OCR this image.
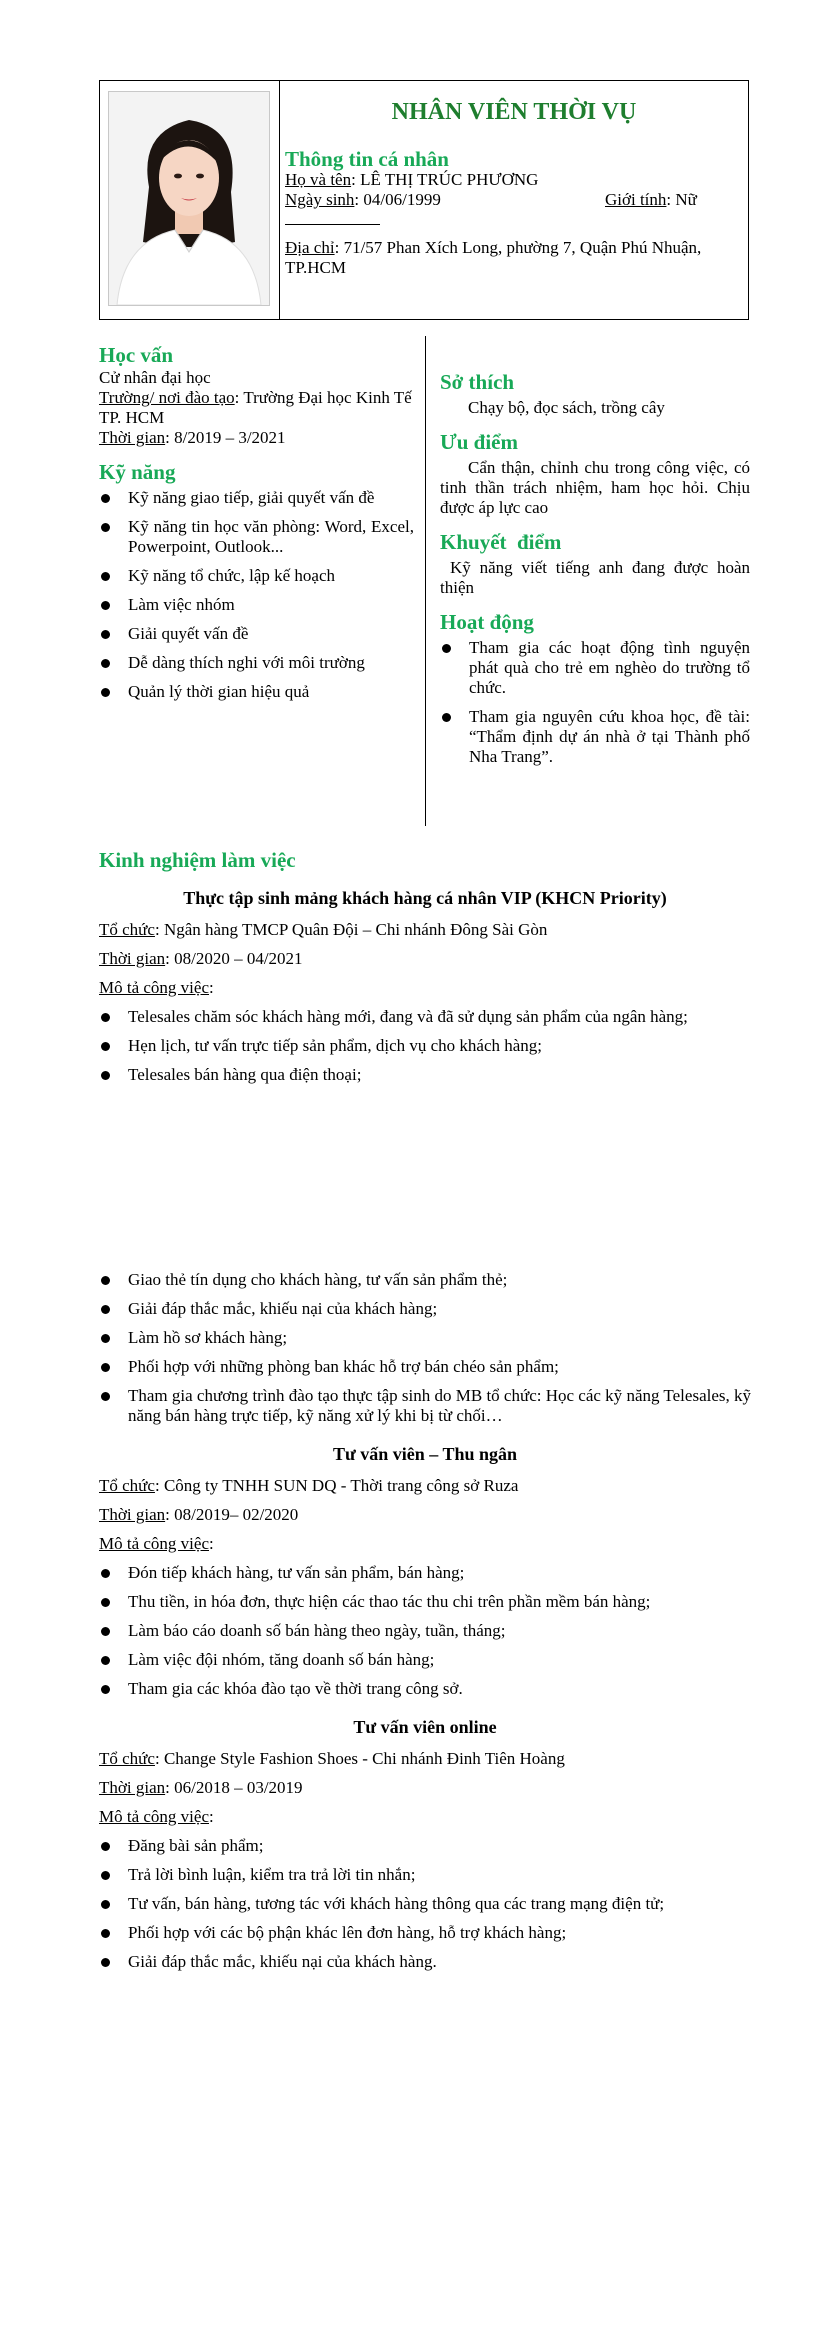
NHÂN VIÊN THỜI VỤ
Thông tin cá nhân
Họ và tên: LÊ THỊ TRÚC PHƯƠNG
Ngày sinh: 04/06/1999	Giới tính: Nữ
Địa chỉ: 71/57 Phan Xích Long, phường 7, Quận Phú Nhuận, TP.HCM
Học vấn
Cử nhân đại học
Trường/ nơi đào tạo: Trường Đại học Kinh Tế TP. HCM
Thời gian: 8/2019 – 3/2021
Kỹ năng
Kỹ năng giao tiếp, giải quyết vấn đề
Kỹ năng tin học văn phòng: Word, Excel, Powerpoint, Outlook...
Kỹ năng tổ chức, lập kế hoạch
Làm việc nhóm
Giải quyết vấn đề
Dễ dàng thích nghi với môi trường
Quản lý thời gian hiệu quả
Sở thích
Chạy bộ, đọc sách, trồng cây
Ưu điểm
Cẩn thận, chỉnh chu trong công việc, có tinh thần trách nhiệm, ham học hỏi. Chịu được áp lực cao
Khuyết  điểm
Kỹ năng viết tiếng anh đang được hoàn thiện
Hoạt động
Tham gia các hoạt động tình nguyện phát quà cho trẻ em nghèo do trường tổ chức.
Tham gia nguyên cứu khoa học, đề tài: “Thẩm định dự án nhà ở tại Thành phố Nha Trang”.
Kinh nghiệm làm việc
Thực tập sinh mảng khách hàng cá nhân VIP (KHCN Priority)
Tổ chức: Ngân hàng TMCP Quân Đội – Chi nhánh Đông Sài Gòn
Thời gian: 08/2020 – 04/2021
Mô tả công việc:
Telesales chăm sóc khách hàng mới, đang và đã sử dụng sản phẩm của ngân hàng;
Hẹn lịch, tư vấn trực tiếp sản phẩm, dịch vụ cho khách hàng;
Telesales bán hàng qua điện thoại;
Giao thẻ tín dụng cho khách hàng, tư vấn sản phẩm thẻ;
Giải đáp thắc mắc, khiếu nại của khách hàng;
Làm hồ sơ khách hàng;
Phối hợp với những phòng ban khác hỗ trợ bán chéo sản phẩm;
Tham gia chương trình đào tạo thực tập sinh do MB tổ chức: Học các kỹ năng Telesales, kỹ năng bán hàng trực tiếp, kỹ năng xử lý khi bị từ chối…
Tư vấn viên – Thu ngân
Tổ chức: Công ty TNHH SUN DQ - Thời trang công sở Ruza
Thời gian: 08/2019– 02/2020
Mô tả công việc:
Đón tiếp khách hàng, tư vấn sản phẩm, bán hàng;
Thu tiền, in hóa đơn, thực hiện các thao tác thu chi trên phần mềm bán hàng;
Làm báo cáo doanh số bán hàng theo ngày, tuần, tháng;
Làm việc đội nhóm, tăng doanh số bán hàng;
Tham gia các khóa đào tạo về thời trang công sở.
Tư vấn viên online
Tổ chức: Change Style Fashion Shoes - Chi nhánh Đinh Tiên Hoàng
Thời gian: 06/2018 – 03/2019
Mô tả công việc:
Đăng bài sản phẩm;
Trả lời bình luận, kiểm tra trả lời tin nhắn;
Tư vấn, bán hàng, tương tác với khách hàng thông qua các trang mạng điện tử;
Phối hợp với các bộ phận khác lên đơn hàng, hỗ trợ khách hàng;
Giải đáp thắc mắc, khiếu nại của khách hàng.
